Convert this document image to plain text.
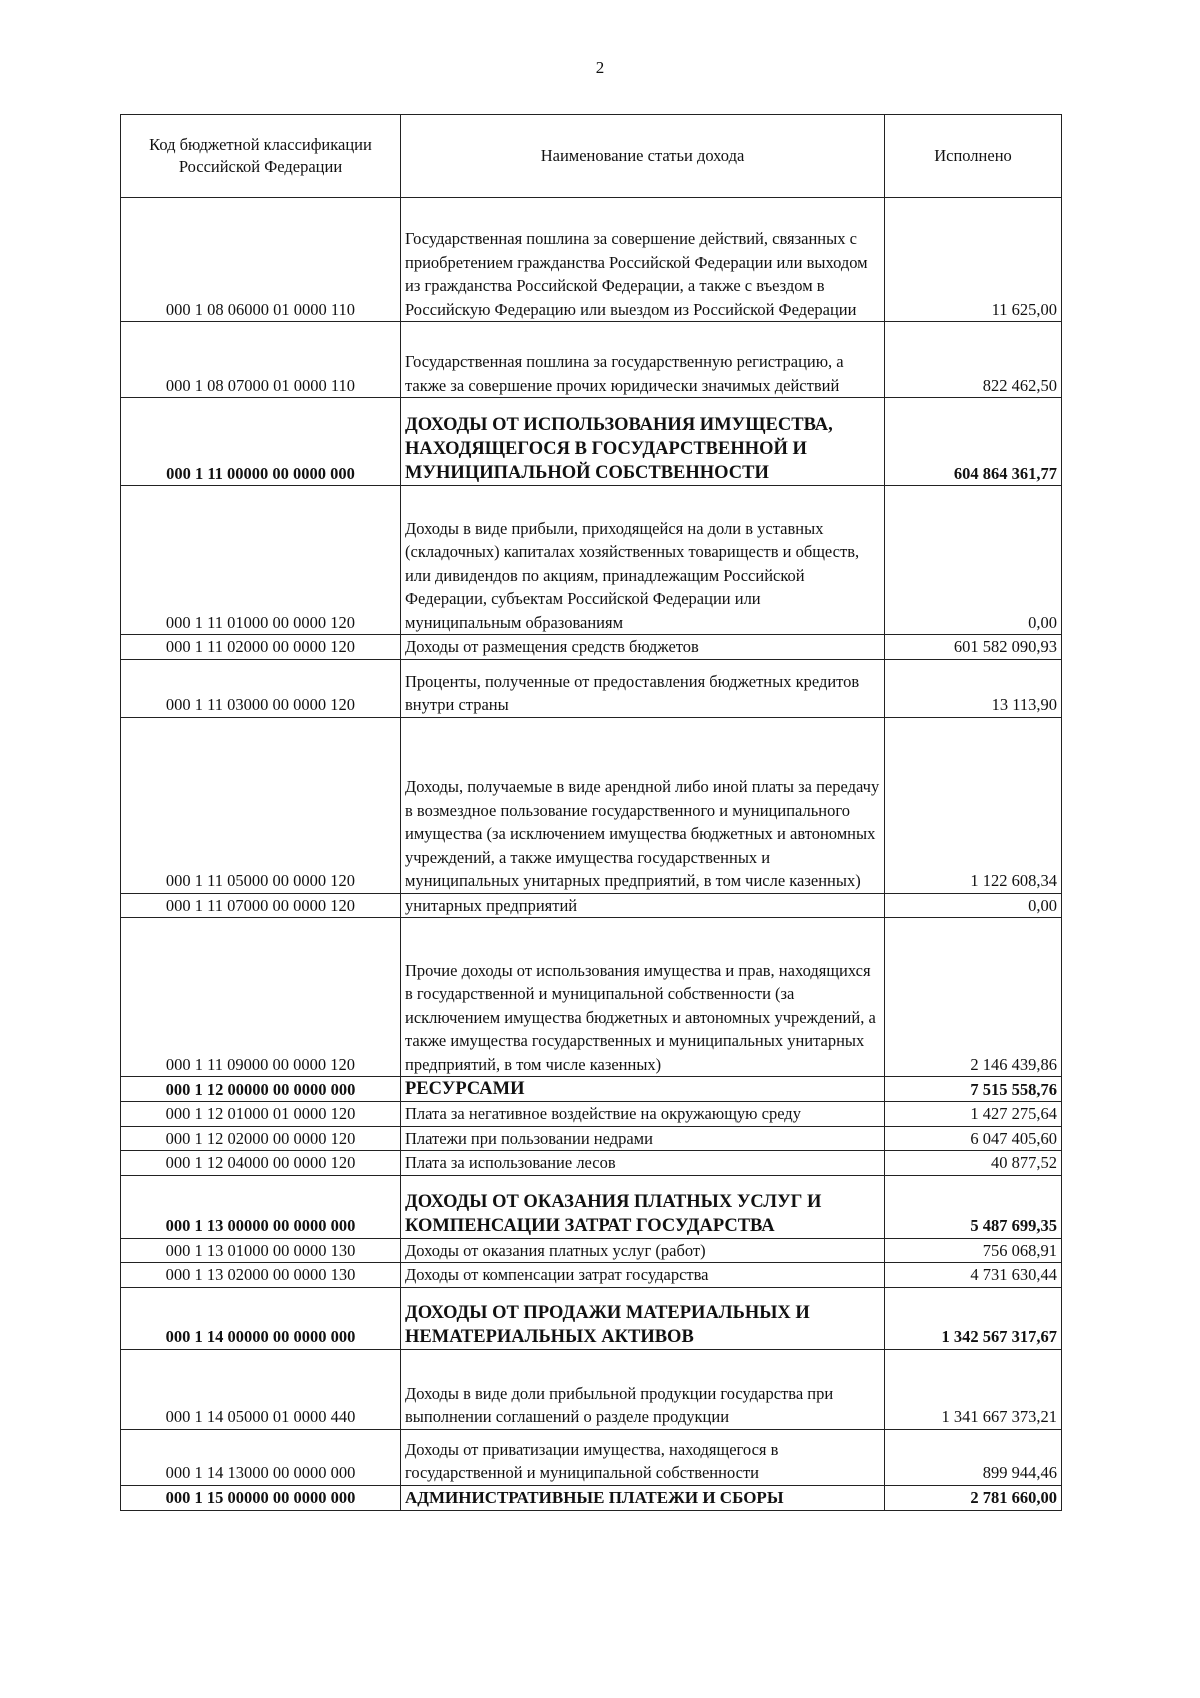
2
Код бюджетной классификации Российской Федерации	Наименование статьи дохода	Исполнено
000 1 08 06000 01 0000 110	Государственная пошлина за совершение действий, связанных с приобретением гражданства Российской Федерации или выходом из гражданства Российской Федерации, а также с въездом в Российскую Федерацию или выездом из Российской Федерации	11 625,00
000 1 08 07000 01 0000 110	Государственная пошлина за государственную регистрацию, а также за совершение прочих юридически значимых действий	822 462,50
000 1 11 00000 00 0000 000	ДОХОДЫ ОТ ИСПОЛЬЗОВАНИЯ ИМУЩЕСТВА, НАХОДЯЩЕГОСЯ В ГОСУДАРСТВЕННОЙ И МУНИЦИПАЛЬНОЙ СОБСТВЕННОСТИ	604 864 361,77
000 1 11 01000 00 0000 120	Доходы в виде прибыли, приходящейся на доли в уставных (складочных) капиталах хозяйственных товариществ и обществ, или дивидендов по акциям, принадлежащим Российской Федерации, субъектам Российской Федерации или муниципальным образованиям	0,00
000 1 11 02000 00 0000 120	Доходы от размещения средств бюджетов	601 582 090,93
000 1 11 03000 00 0000 120	Проценты, полученные от предоставления бюджетных кредитов внутри страны	13 113,90
000 1 11 05000 00 0000 120	Доходы, получаемые в виде арендной либо иной платы за передачу в возмездное пользование государственного и муниципального имущества (за исключением имущества бюджетных и автономных учреждений, а также имущества государственных и муниципальных унитарных предприятий, в том числе казенных)	1 122 608,34
000 1 11 07000 00 0000 120	унитарных предприятий	0,00
000 1 11 09000 00 0000 120	Прочие доходы от использования имущества и прав, находящихся в государственной и муниципальной собственности (за исключением имущества бюджетных и автономных учреждений, а также имущества государственных и муниципальных унитарных предприятий, в том числе казенных)	2 146 439,86
000 1 12 00000 00 0000 000	РЕСУРСАМИ	7 515 558,76
000 1 12 01000 01 0000 120	Плата за негативное воздействие на окружающую среду	1 427 275,64
000 1 12 02000 00 0000 120	Платежи при пользовании недрами	6 047 405,60
000 1 12 04000 00 0000 120	Плата за использование лесов	40 877,52
000 1 13 00000 00 0000 000	ДОХОДЫ ОТ ОКАЗАНИЯ ПЛАТНЫХ УСЛУГ И КОМПЕНСАЦИИ ЗАТРАТ ГОСУДАРСТВА	5 487 699,35
000 1 13 01000 00 0000 130	Доходы от оказания платных услуг (работ)	756 068,91
000 1 13 02000 00 0000 130	Доходы от компенсации затрат государства	4 731 630,44
000 1 14 00000 00 0000 000	ДОХОДЫ ОТ ПРОДАЖИ МАТЕРИАЛЬНЫХ И НЕМАТЕРИАЛЬНЫХ АКТИВОВ	1 342 567 317,67
000 1 14 05000 01 0000 440	Доходы в виде доли прибыльной продукции государства при выполнении соглашений о разделе продукции	1 341 667 373,21
000 1 14 13000 00 0000 000	Доходы от приватизации имущества, находящегося в государственной и муниципальной собственности	899 944,46
000 1 15 00000 00 0000 000	АДМИНИСТРАТИВНЫЕ ПЛАТЕЖИ И СБОРЫ	2 781 660,00
